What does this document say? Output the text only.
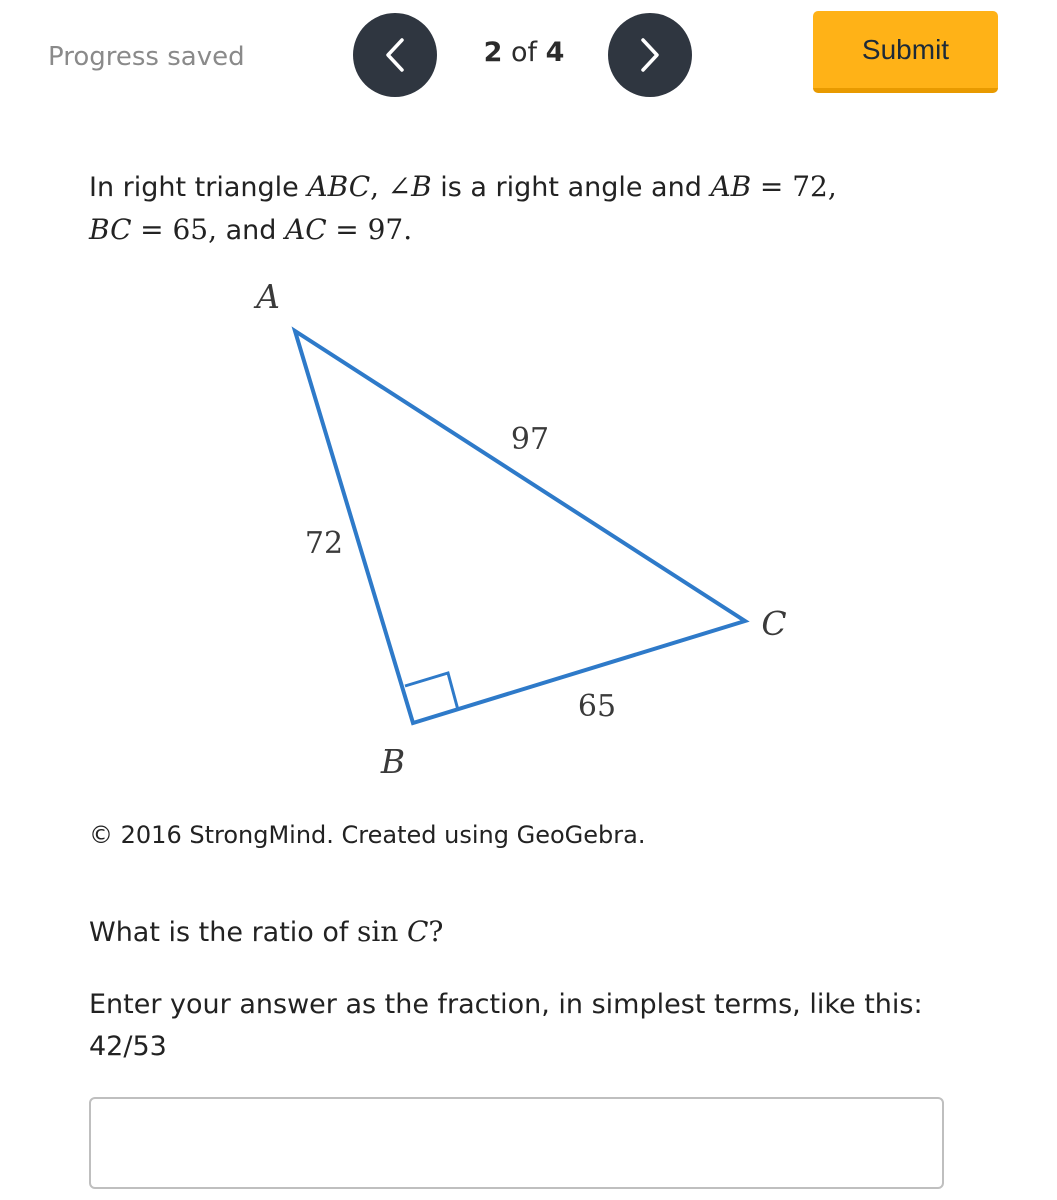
Progress saved	2 of 4	Submit
In right triangle ABC, ∠B is a right angle and AB = 72,
BC = 65, and AC = 97.
A
B
C
72
97
65
© 2016 StrongMind. Created using GeoGebra.
What is the ratio of sin C?
Enter your answer as the fraction, in simplest terms, like this:
42/53
